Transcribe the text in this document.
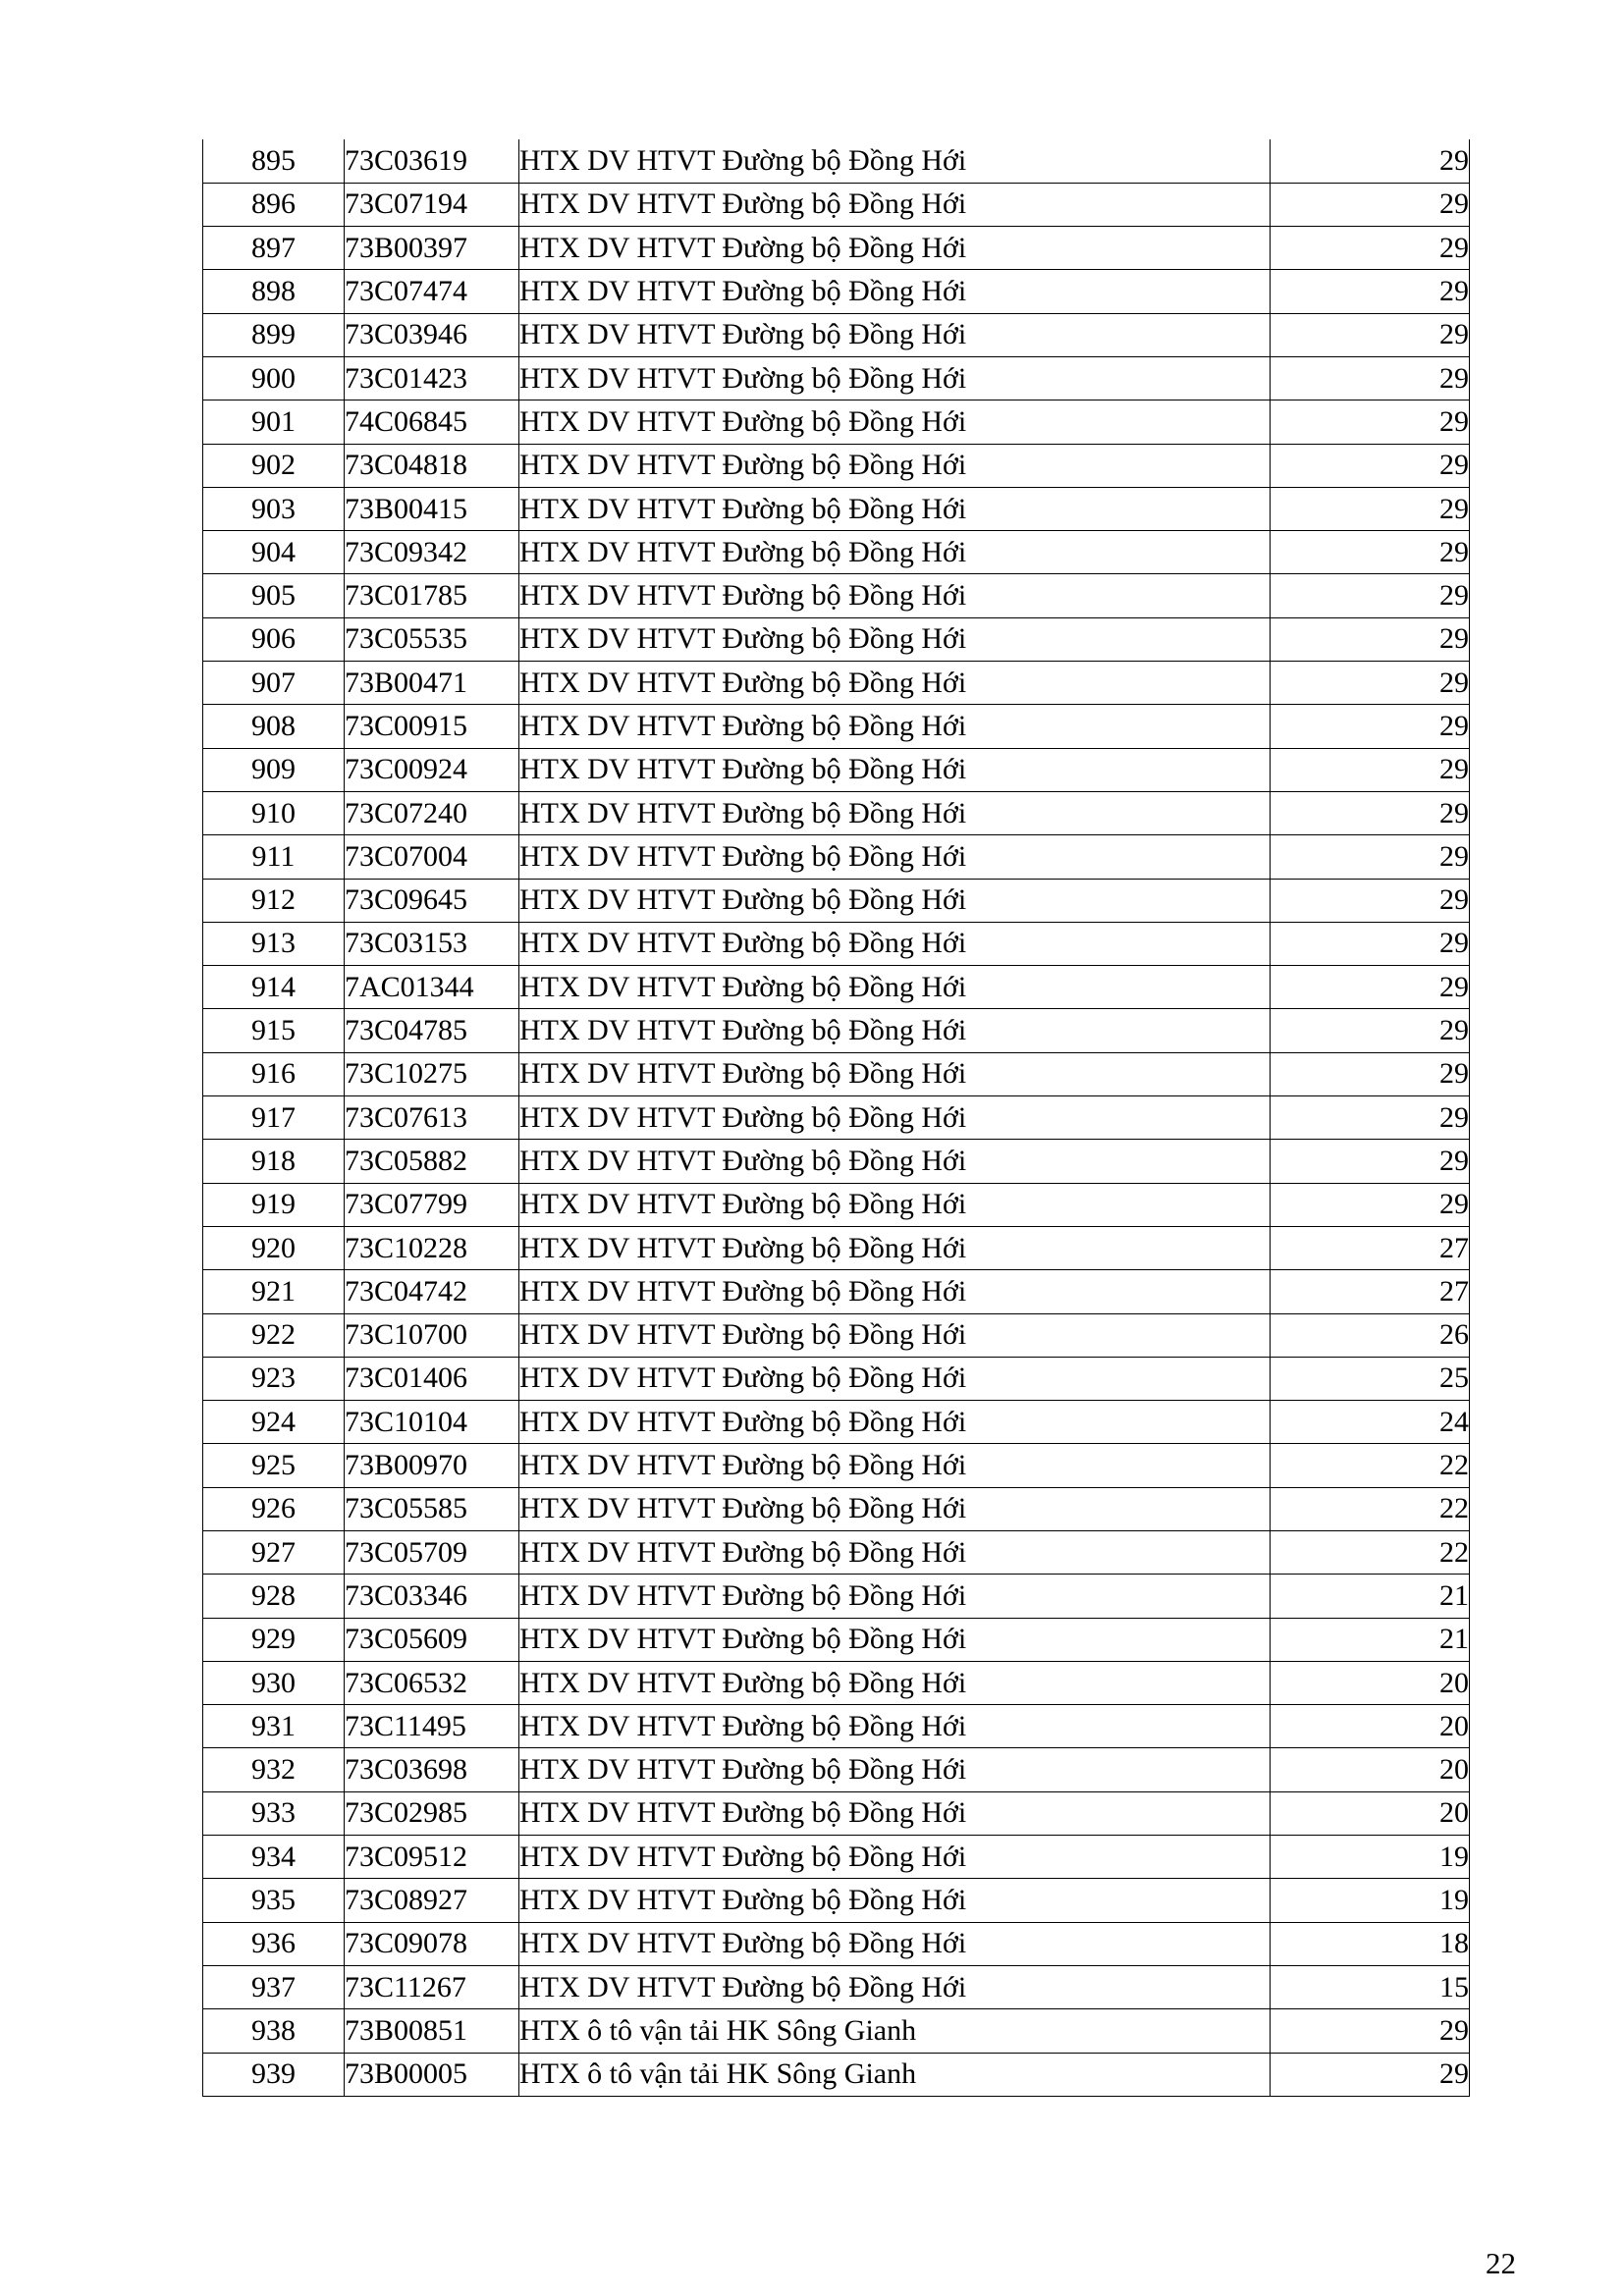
895	73C03619	HTX DV HTVT Đường bộ Đồng Hới	29
896	73C07194	HTX DV HTVT Đường bộ Đồng Hới	29
897	73B00397	HTX DV HTVT Đường bộ Đồng Hới	29
898	73C07474	HTX DV HTVT Đường bộ Đồng Hới	29
899	73C03946	HTX DV HTVT Đường bộ Đồng Hới	29
900	73C01423	HTX DV HTVT Đường bộ Đồng Hới	29
901	74C06845	HTX DV HTVT Đường bộ Đồng Hới	29
902	73C04818	HTX DV HTVT Đường bộ Đồng Hới	29
903	73B00415	HTX DV HTVT Đường bộ Đồng Hới	29
904	73C09342	HTX DV HTVT Đường bộ Đồng Hới	29
905	73C01785	HTX DV HTVT Đường bộ Đồng Hới	29
906	73C05535	HTX DV HTVT Đường bộ Đồng Hới	29
907	73B00471	HTX DV HTVT Đường bộ Đồng Hới	29
908	73C00915	HTX DV HTVT Đường bộ Đồng Hới	29
909	73C00924	HTX DV HTVT Đường bộ Đồng Hới	29
910	73C07240	HTX DV HTVT Đường bộ Đồng Hới	29
911	73C07004	HTX DV HTVT Đường bộ Đồng Hới	29
912	73C09645	HTX DV HTVT Đường bộ Đồng Hới	29
913	73C03153	HTX DV HTVT Đường bộ Đồng Hới	29
914	7AC01344	HTX DV HTVT Đường bộ Đồng Hới	29
915	73C04785	HTX DV HTVT Đường bộ Đồng Hới	29
916	73C10275	HTX DV HTVT Đường bộ Đồng Hới	29
917	73C07613	HTX DV HTVT Đường bộ Đồng Hới	29
918	73C05882	HTX DV HTVT Đường bộ Đồng Hới	29
919	73C07799	HTX DV HTVT Đường bộ Đồng Hới	29
920	73C10228	HTX DV HTVT Đường bộ Đồng Hới	27
921	73C04742	HTX DV HTVT Đường bộ Đồng Hới	27
922	73C10700	HTX DV HTVT Đường bộ Đồng Hới	26
923	73C01406	HTX DV HTVT Đường bộ Đồng Hới	25
924	73C10104	HTX DV HTVT Đường bộ Đồng Hới	24
925	73B00970	HTX DV HTVT Đường bộ Đồng Hới	22
926	73C05585	HTX DV HTVT Đường bộ Đồng Hới	22
927	73C05709	HTX DV HTVT Đường bộ Đồng Hới	22
928	73C03346	HTX DV HTVT Đường bộ Đồng Hới	21
929	73C05609	HTX DV HTVT Đường bộ Đồng Hới	21
930	73C06532	HTX DV HTVT Đường bộ Đồng Hới	20
931	73C11495	HTX DV HTVT Đường bộ Đồng Hới	20
932	73C03698	HTX DV HTVT Đường bộ Đồng Hới	20
933	73C02985	HTX DV HTVT Đường bộ Đồng Hới	20
934	73C09512	HTX DV HTVT Đường bộ Đồng Hới	19
935	73C08927	HTX DV HTVT Đường bộ Đồng Hới	19
936	73C09078	HTX DV HTVT Đường bộ Đồng Hới	18
937	73C11267	HTX DV HTVT Đường bộ Đồng Hới	15
938	73B00851	HTX ô tô vận tải HK Sông Gianh	29
939	73B00005	HTX ô tô vận tải HK Sông Gianh	29
22
